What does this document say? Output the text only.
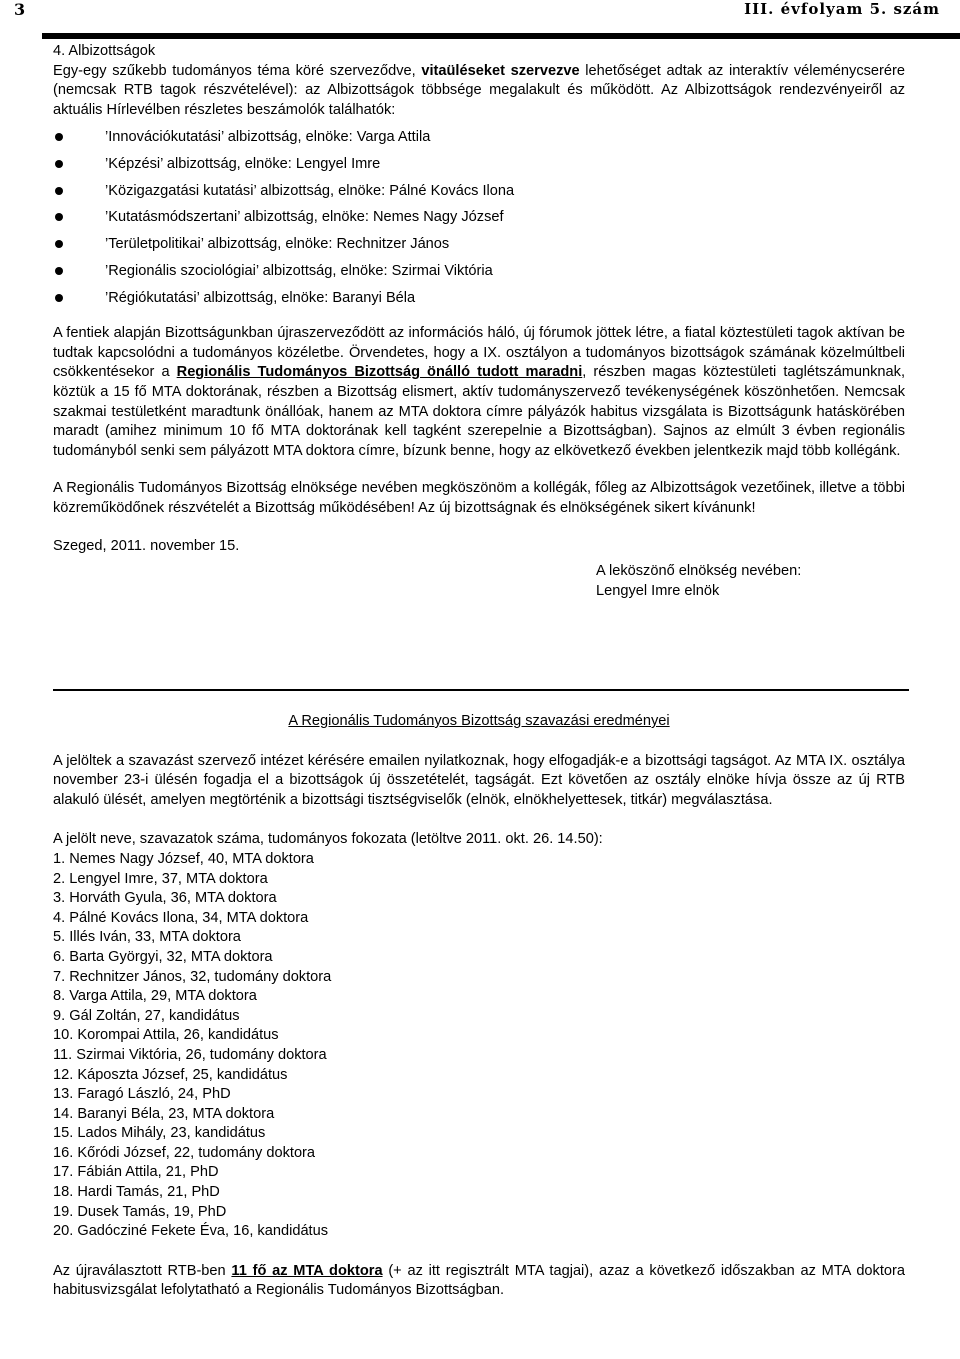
3	III. évfolyam 5. szám
4. Albizottságok

Egy-egy szűkebb tudományos téma köré szerveződve, vitaüléseket szervezve lehetőséget adtak az interaktív véleménycserére (nemcsak RTB tagok részvételével): az Albizottságok többsége megalakult és működött. Az Albizottságok rendezvényeiről az aktuális Hírlevélben részletes beszámolók találhatók:

’Innovációkutatási’ albizottság, elnöke: Varga Attila
’Képzési’ albizottság, elnöke: Lengyel Imre
’Közigazgatási kutatási’ albizottság, elnöke: Pálné Kovács Ilona
’Kutatásmódszertani’ albizottság, elnöke: Nemes Nagy József
’Területpolitikai’ albizottság, elnöke: Rechnitzer János
’Regionális szociológiai’ albizottság, elnöke: Szirmai Viktória
’Régiókutatási’ albizottság, elnöke: Baranyi Béla

A fentiek alapján Bizottságunkban újraszerveződött az információs háló, új fórumok jöttek létre, a fiatal köztestületi tagok aktívan be tudtak kapcsolódni a tudományos közéletbe. Örvendetes, hogy a IX. osztályon a tudományos bizottságok számának közelmúltbeli csökkentésekor a Regionális Tudományos Bizottság önálló tudott maradni, részben magas köztestületi taglétszámunknak, köztük a 15 fő MTA doktorának, részben a Bizottság elismert, aktív tudományszervező tevékenységének köszönhetően. Nemcsak szakmai testületként maradtunk önállóak, hanem az MTA doktora címre pályázók habitus vizsgálata is Bizottságunk hatáskörében maradt (amihez minimum 10 fő MTA doktorának kell tagként szerepelnie a Bizottságban). Sajnos az elmúlt 3 évben regionális tudományból senki sem pályázott MTA doktora címre, bízunk benne, hogy az elkövetkező években jelentkezik majd több kollégánk.

A Regionális Tudományos Bizottság elnöksége nevében megköszönöm a kollégák, főleg az Albizottságok vezetőinek, illetve a többi közreműködőnek részvételét a Bizottság működésében! Az új bizottságnak és elnökségének sikert kívánunk!

Szeged, 2011. november 15.
A leköszönő elnökség nevében:
Lengyel Imre elnök

A Regionális Tudományos Bizottság szavazási eredményei

A jelöltek a szavazást szervező intézet kérésére emailen nyilatkoznak, hogy elfogadják-e a bizottsági tagságot. Az MTA IX. osztálya november 23-i ülésén fogadja el a bizottságok új összetételét, tagságát. Ezt követően az osztály elnöke hívja össze az új RTB alakuló ülését, amelyen megtörténik a bizottsági tisztségviselők (elnök, elnökhelyettesek, titkár) megválasztása.

A jelölt neve, szavazatok száma, tudományos fokozata (letöltve 2011. okt. 26. 14.50):
1. Nemes Nagy József, 40, MTA doktora
2. Lengyel Imre, 37, MTA doktora
3. Horváth Gyula, 36, MTA doktora
4. Pálné Kovács Ilona, 34, MTA doktora
5. Illés Iván, 33, MTA doktora
6. Barta Györgyi, 32, MTA doktora
7. Rechnitzer János, 32, tudomány doktora
8. Varga Attila, 29, MTA doktora
9. Gál Zoltán, 27, kandidátus
10. Korompai Attila, 26, kandidátus
11. Szirmai Viktória, 26, tudomány doktora
12. Káposzta József, 25, kandidátus
13. Faragó László, 24, PhD
14. Baranyi Béla, 23, MTA doktora
15. Lados Mihály, 23, kandidátus
16. Kőródi József, 22, tudomány doktora
17. Fábián Attila, 21, PhD
18. Hardi Tamás, 21, PhD
19. Dusek Tamás, 19, PhD
20. Gadócziné Fekete Éva, 16, kandidátus

Az újraválasztott RTB-ben 11 fő az MTA doktora (+ az itt regisztrált MTA tagjai), azaz a következő időszakban az MTA doktora habitusvizsgálat lefolytatható a Regionális Tudományos Bizottságban.
